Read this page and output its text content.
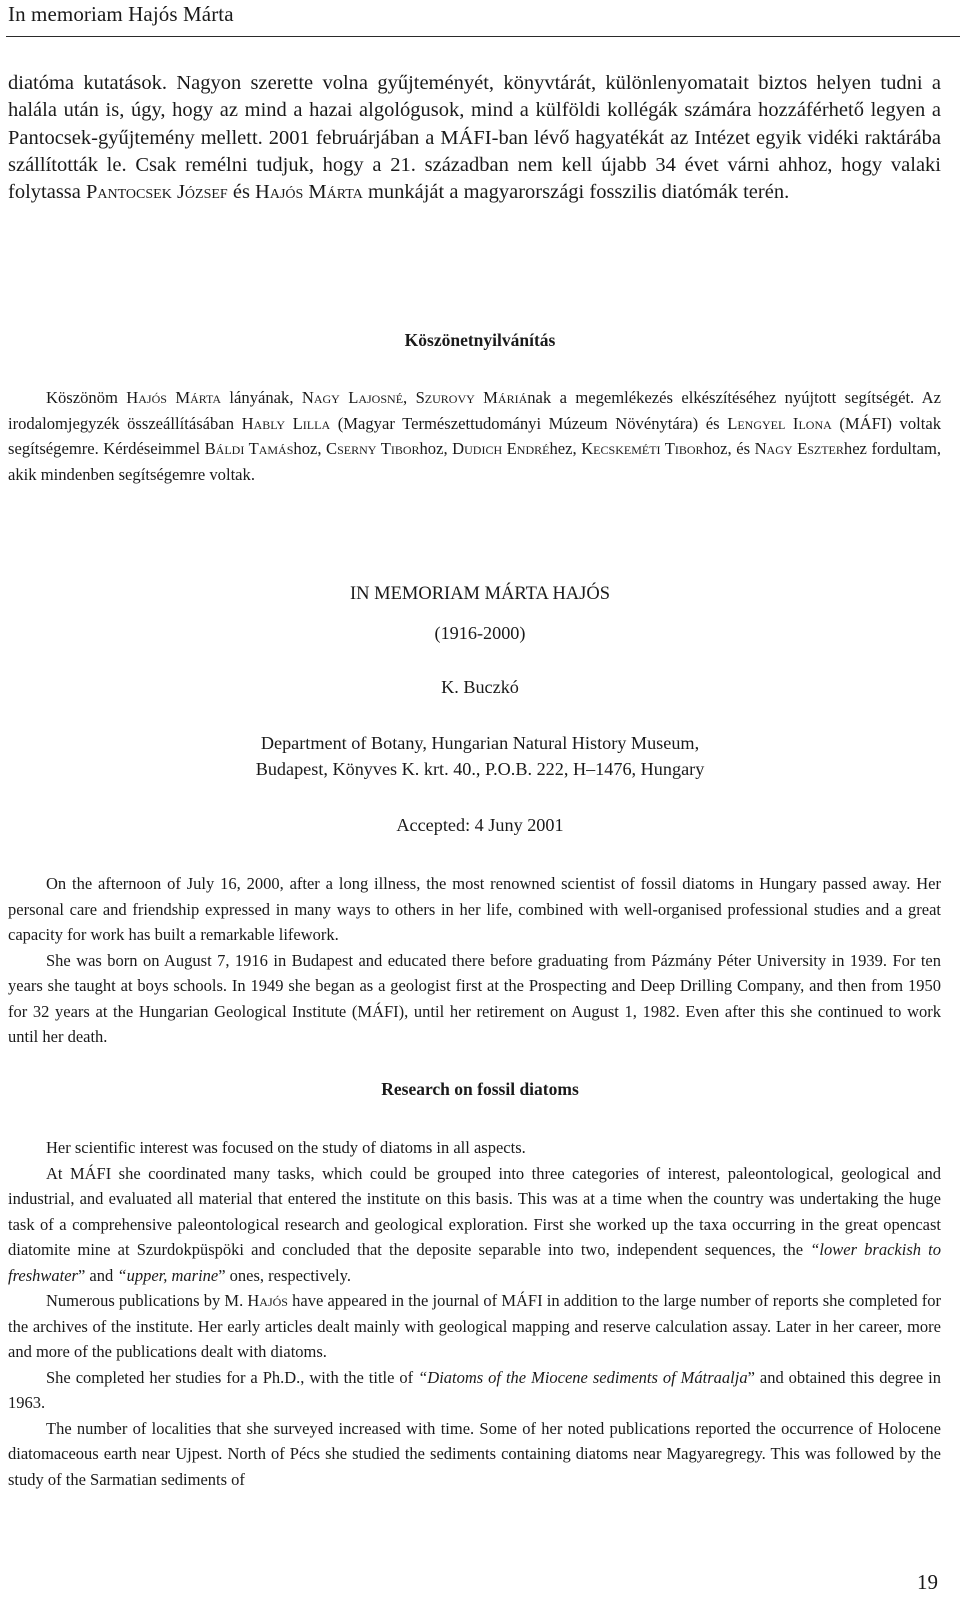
In memoriam Hajós Márta

diatóma kutatások. Nagyon szerette volna gyűjteményét, könyvtárát, különlenyomatait biztos helyen tudni a halála után is, úgy, hogy az mind a hazai algológusok, mind a külföldi kollégák számára hozzáférhető legyen a Pantocsek-gyűjtemény mellett. 2001 februárjában a MÁFI-ban lévő hagyatékát az Intézet egyik vidéki raktárába szállították le. Csak remélni tudjuk, hogy a 21. században nem kell újabb 34 évet várni ahhoz, hogy valaki folytassa Pantocsek József és Hajós Márta munkáját a magyarországi fosszilis diatómák terén.

Köszönetnyilvánítás

Köszönöm Hajós Márta lányának, Nagy Lajosné, Szurovy Máriának a megemlékezés elkészítéséhez nyújtott segítségét. Az irodalomjegyzék összeállításában Hably Lilla (Magyar Természettudományi Múzeum Növénytára) és Lengyel Ilona (MÁFI) voltak segítségemre. Kérdéseimmel Báldi Tamáshoz, Cserny Tiborhoz, Dudich Endréhez, Kecskeméti Tiborhoz, és Nagy Eszterhez fordultam, akik mindenben segítségemre voltak.

IN MEMORIAM MÁRTA HAJÓS
(1916-2000)
K. Buczkó
Department of Botany, Hungarian Natural History Museum,
Budapest, Könyves K. krt. 40., P.O.B. 222, H–1476, Hungary
Accepted: 4 Juny 2001

On the afternoon of July 16, 2000, after a long illness, the most renowned scientist of fossil diatoms in Hungary passed away. Her personal care and friendship expressed in many ways to others in her life, combined with well-organised professional studies and a great capacity for work has built a remarkable lifework.

She was born on August 7, 1916 in Budapest and educated there before graduating from Pázmány Péter University in 1939. For ten years she taught at boys schools. In 1949 she began as a geologist first at the Prospecting and Deep Drilling Company, and then from 1950 for 32 years at the Hungarian Geological Institute (MÁFI), until her retirement on August 1, 1982. Even after this she continued to work until her death.

Research on fossil diatoms

Her scientific interest was focused on the study of diatoms in all aspects.

At MÁFI she coordinated many tasks, which could be grouped into three categories of interest, paleontological, geological and industrial, and evaluated all material that entered the institute on this basis. This was at a time when the country was undertaking the huge task of a comprehensive paleontological research and geological exploration. First she worked up the taxa occurring in the great opencast diatomite mine at Szurdokpüspöki and concluded that the deposite separable into two, independent sequences, the “lower brackish to freshwater” and “upper, marine” ones, respectively.

Numerous publications by M. Hajós have appeared in the journal of MÁFI in addition to the large number of reports she completed for the archives of the institute. Her early articles dealt mainly with geological mapping and reserve calculation assay. Later in her career, more and more of the publications dealt with diatoms.

She completed her studies for a Ph.D., with the title of “Diatoms of the Miocene sediments of Mátraalja” and obtained this degree in 1963.

The number of localities that she surveyed increased with time. Some of her noted publications reported the occurrence of Holocene diatomaceous earth near Ujpest. North of Pécs she studied the sediments containing diatoms near Magyaregregy. This was followed by the study of the Sarmatian sediments of

19
